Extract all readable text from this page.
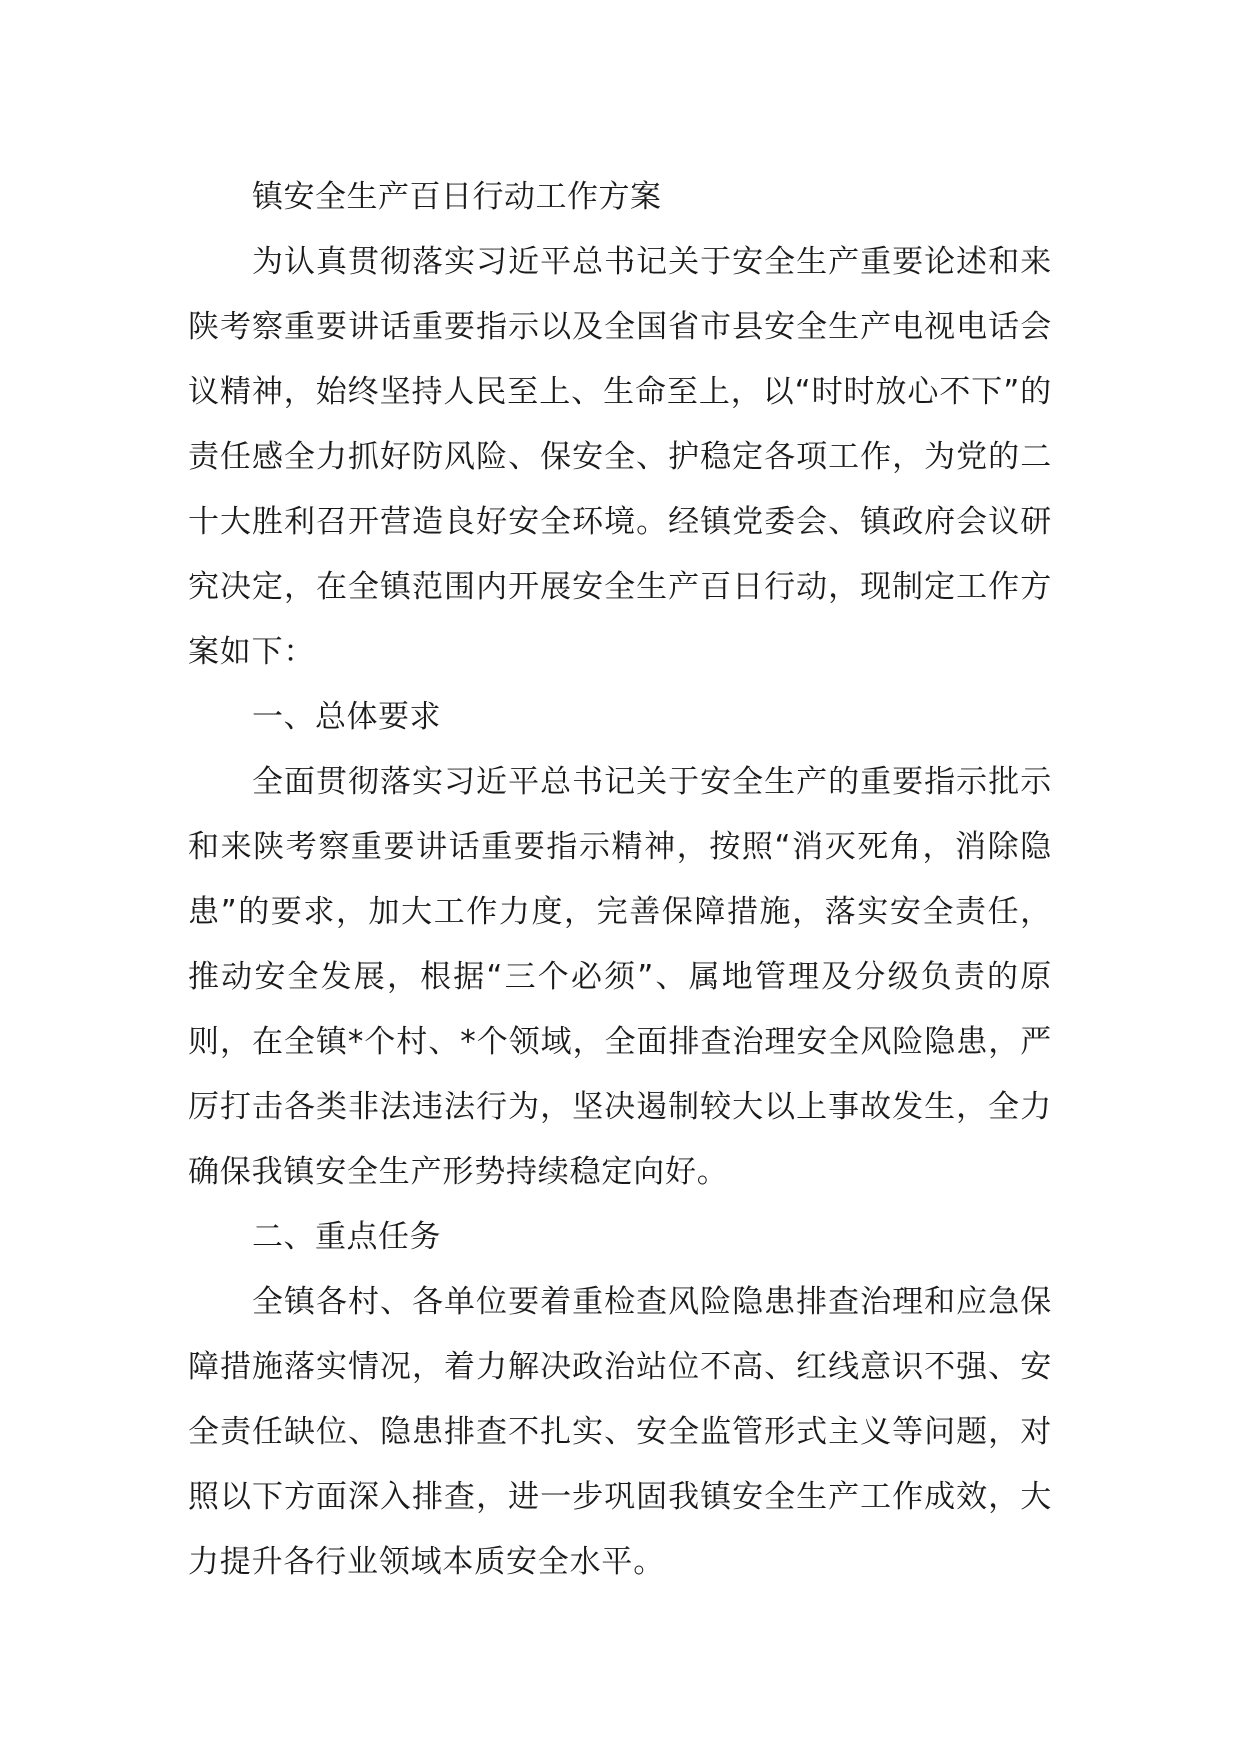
镇安全生产百日行动工作方案

为认真贯彻落实习近平总书记关于安全生产重要论述和来陕考察重要讲话重要指示以及全国省市县安全生产电视电话会议精神，始终坚持人民至上、生命至上，以“时时放心不下”的责任感全力抓好防风险、保安全、护稳定各项工作，为党的二十大胜利召开营造良好安全环境。经镇党委会、镇政府会议研究决定，在全镇范围内开展安全生产百日行动，现制定工作方案如下：

一、总体要求

全面贯彻落实习近平总书记关于安全生产的重要指示批示和来陕考察重要讲话重要指示精神，按照“消灭死角，消除隐患”的要求，加大工作力度，完善保障措施，落实安全责任，推动安全发展，根据“三个必须”、属地管理及分级负责的原则，在全镇*个村、*个领域，全面排查治理安全风险隐患，严厉打击各类非法违法行为，坚决遏制较大以上事故发生，全力确保我镇安全生产形势持续稳定向好。

二、重点任务

全镇各村、各单位要着重检查风险隐患排查治理和应急保障措施落实情况，着力解决政治站位不高、红线意识不强、安全责任缺位、隐患排查不扎实、安全监管形式主义等问题，对照以下方面深入排查，进一步巩固我镇安全生产工作成效，大力提升各行业领域本质安全水平。
